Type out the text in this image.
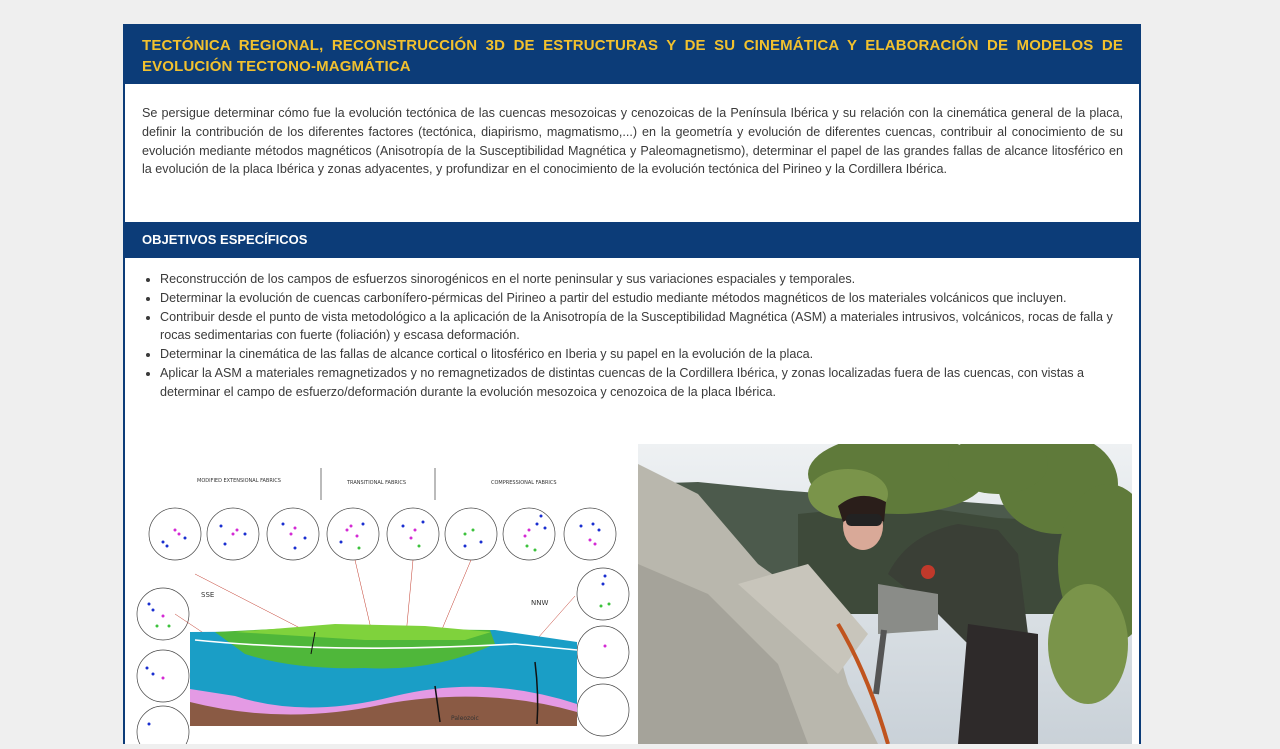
TECTÓNICA REGIONAL, RECONSTRUCCIÓN 3D DE ESTRUCTURAS Y DE SU CINEMÁTICA Y ELABORACIÓN DE MODELOS DE EVOLUCIÓN TECTONO-MAGMÁTICA
Se persigue determinar cómo fue la evolución tectónica de las cuencas mesozoicas y cenozoicas de la Península Ibérica y su relación con la cinemática general de la placa, definir la contribución de los diferentes factores (tectónica, diapirismo, magmatismo,...) en la geometría y evolución de diferentes cuencas, contribuir al conocimiento de su evolución mediante métodos magnéticos (Anisotropía de la Susceptibilidad Magnética y Paleomagnetismo), determinar el papel de las grandes fallas de alcance litosférico en la evolución de la placa Ibérica y zonas adyacentes, y profundizar en el conocimiento de la evolución tectónica del Pirineo y la Cordillera Ibérica.
OBJETIVOS ESPECÍFICOS
• Reconstrucción de los campos de esfuerzos sinorogénicos en el norte peninsular y sus variaciones espaciales y temporales.
• Determinar la evolución de cuencas carbonífero-pérmicas del Pirineo a partir del estudio mediante métodos magnéticos de los materiales volcánicos que incluyen.
• Contribuir desde el punto de vista metodológico a la aplicación de la Anisotropía de la Susceptibilidad Magnética (ASM) a materiales intrusivos, volcánicos, rocas de falla y rocas sedimentarias con fuerte (foliación) y escasa deformación.
• Determinar la cinemática de las fallas de alcance cortical o litosférico en Iberia y su papel en la evolución de la placa.
• Aplicar la ASM a materiales remagnetizados y no remagnetizados de distintas cuencas de la Cordillera Ibérica, y zonas localizadas fuera de las cuencas, con vistas a determinar el campo de esfuerzo/deformación durante la evolución mesozoica y cenozoica de la placa Ibérica.
MODIFIED EXTENSIONAL FABRICS	TRANSITIONAL FABRICS	COMPRESSIONAL FABRICS
SSE
NNW
Paleozoic
